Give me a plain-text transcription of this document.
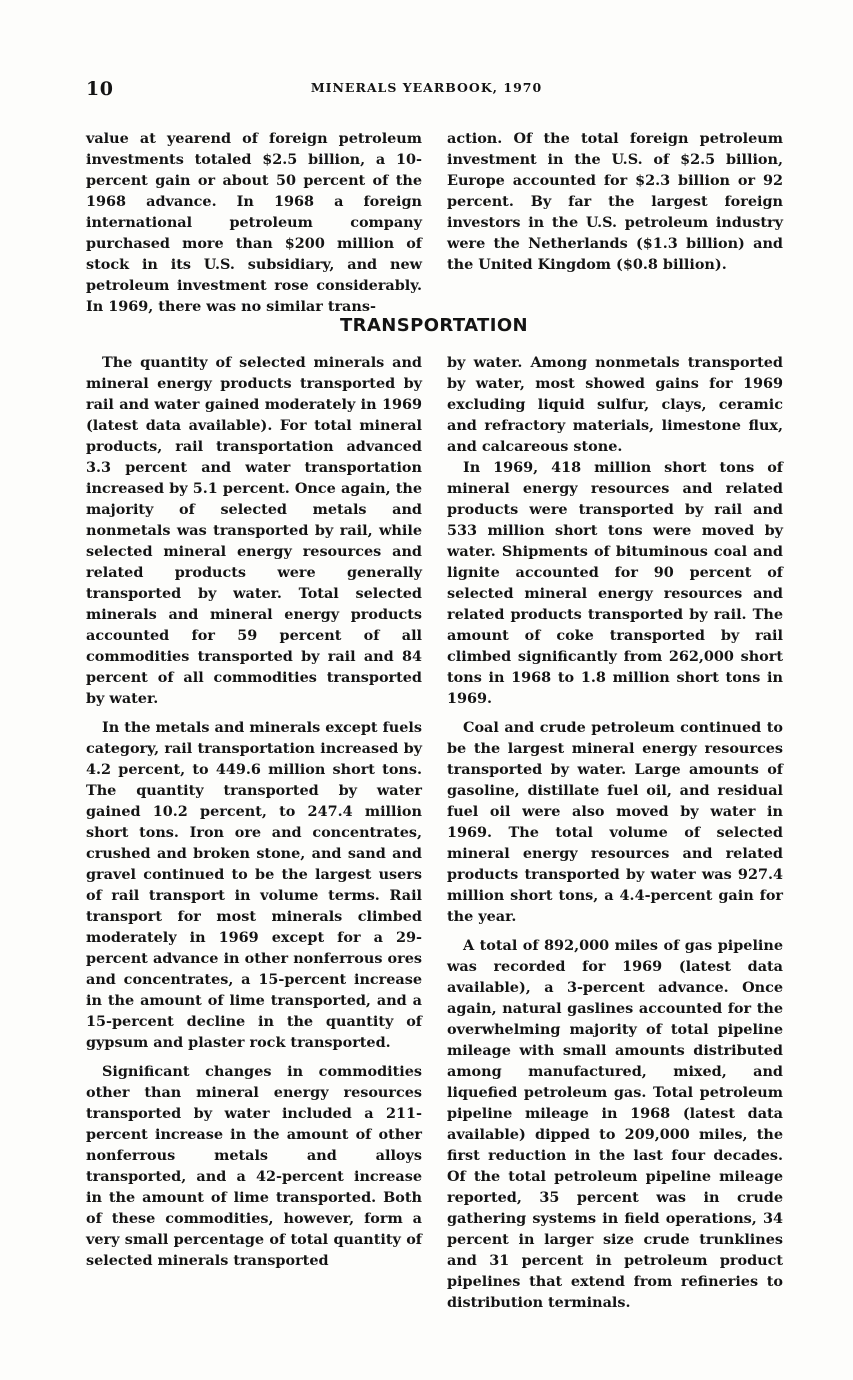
10	MINERALS YEARBOOK, 1970

value at yearend of foreign petroleum investments totaled $2.5 billion, a 10-percent gain or about 50 percent of the 1968 advance. In 1968 a foreign international petroleum company purchased more than $200 million of stock in its U.S. subsidiary, and new petroleum investment rose considerably. In 1969, there was no similar trans-

action. Of the total foreign petroleum investment in the U.S. of $2.5 billion, Europe accounted for $2.3 billion or 92 percent. By far the largest foreign investors in the U.S. petroleum industry were the Netherlands ($1.3 billion) and the United Kingdom ($0.8 billion).

TRANSPORTATION

The quantity of selected minerals and mineral energy products transported by rail and water gained moderately in 1969 (latest data available). For total mineral products, rail transportation advanced 3.3 percent and water transportation increased by 5.1 percent. Once again, the majority of selected metals and nonmetals was transported by rail, while selected mineral energy resources and related products were generally transported by water. Total selected minerals and mineral energy products accounted for 59 percent of all commodities transported by rail and 84 percent of all commodities transported by water.

In the metals and minerals except fuels category, rail transportation increased by 4.2 percent, to 449.6 million short tons. The quantity transported by water gained 10.2 percent, to 247.4 million short tons. Iron ore and concentrates, crushed and broken stone, and sand and gravel continued to be the largest users of rail transport in volume terms. Rail transport for most minerals climbed moderately in 1969 except for a 29-percent advance in other nonferrous ores and concentrates, a 15-percent increase in the amount of lime transported, and a 15-percent decline in the quantity of gypsum and plaster rock transported.

Significant changes in commodities other than mineral energy resources transported by water included a 211-percent increase in the amount of other nonferrous metals and alloys transported, and a 42-percent increase in the amount of lime transported. Both of these commodities, however, form a very small percentage of total quantity of selected minerals transported

by water. Among nonmetals transported by water, most showed gains for 1969 excluding liquid sulfur, clays, ceramic and refractory materials, limestone flux, and calcareous stone.

In 1969, 418 million short tons of mineral energy resources and related products were transported by rail and 533 million short tons were moved by water. Shipments of bituminous coal and lignite accounted for 90 percent of selected mineral energy resources and related products transported by rail. The amount of coke transported by rail climbed significantly from 262,000 short tons in 1968 to 1.8 million short tons in 1969.

Coal and crude petroleum continued to be the largest mineral energy resources transported by water. Large amounts of gasoline, distillate fuel oil, and residual fuel oil were also moved by water in 1969. The total volume of selected mineral energy resources and related products transported by water was 927.4 million short tons, a 4.4-percent gain for the year.

A total of 892,000 miles of gas pipeline was recorded for 1969 (latest data available), a 3-percent advance. Once again, natural gaslines accounted for the overwhelming majority of total pipeline mileage with small amounts distributed among manufactured, mixed, and liquefied petroleum gas. Total petroleum pipeline mileage in 1968 (latest data available) dipped to 209,000 miles, the first reduction in the last four decades. Of the total petroleum pipeline mileage reported, 35 percent was in crude gathering systems in field operations, 34 percent in larger size crude trunklines and 31 percent in petroleum product pipelines that extend from refineries to distribution terminals.
